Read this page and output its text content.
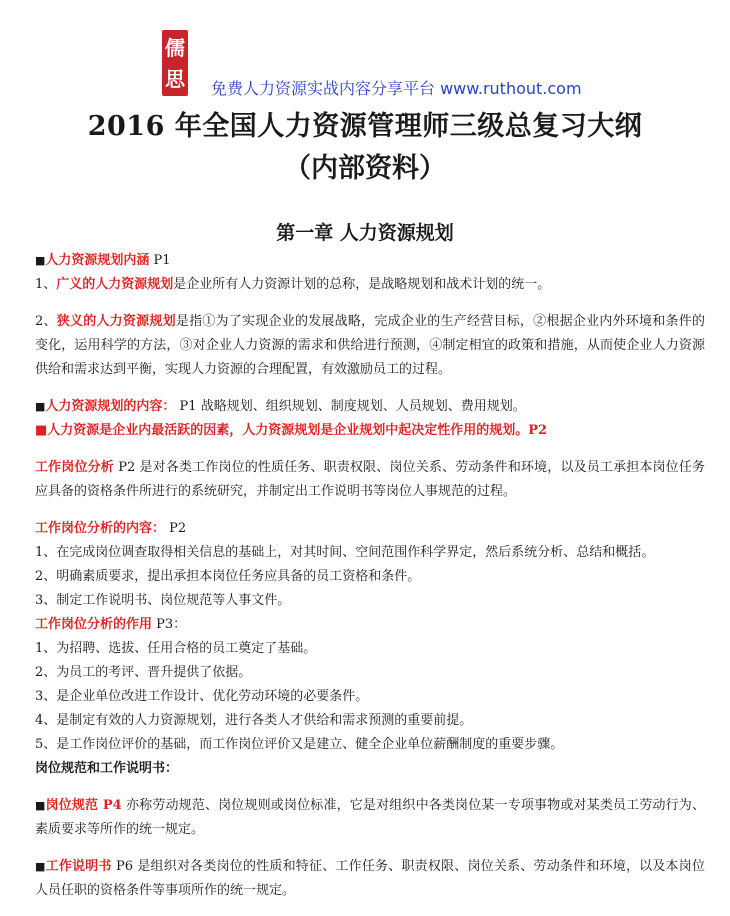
儒
思 免费人力资源实战内容分享平台 www.ruthout.com
2016 年全国人力资源管理师三级总复习大纲
（内部资料）
第一章 人力资源规划

■人力资源规划内涵 P1

1、广义的人力资源规划是企业所有人力资源计划的总称，是战略规划和战术计划的统一。

2、狭义的人力资源规划是指①为了实现企业的发展战略，完成企业的生产经营目标，②根据企业内外环境和条件的变化，运用科学的方法，③对企业人力资源的需求和供给进行预测，④制定相宜的政策和措施，从而使企业人力资源供给和需求达到平衡，实现人力资源的合理配置，有效激励员工的过程。

■人力资源规划的内容： P1 战略规划、组织规划、制度规划、人员规划、费用规划。

■人力资源是企业内最活跃的因素，人力资源规划是企业规划中起决定性作用的规划。P2

工作岗位分析 P2 是对各类工作岗位的性质任务、职责权限、岗位关系、劳动条件和环境，以及员工承担本岗位任务应具备的资格条件所进行的系统研究，并制定出工作说明书等岗位人事规范的过程。

工作岗位分析的内容： P2

1、在完成岗位调查取得相关信息的基础上，对其时间、空间范围作科学界定，然后系统分析、总结和概括。

2、明确素质要求，提出承担本岗位任务应具备的员工资格和条件。

3、制定工作说明书、岗位规范等人事文件。

工作岗位分析的作用 P3：

1、为招聘、选拔、任用合格的员工奠定了基础。

2、为员工的考评、晋升提供了依据。

3、是企业单位改进工作设计、优化劳动环境的必要条件。

4、是制定有效的人力资源规划，进行各类人才供给和需求预测的重要前提。

5、是工作岗位评价的基础，而工作岗位评价又是建立、健全企业单位薪酬制度的重要步骤。

岗位规范和工作说明书：

■岗位规范 P4 亦称劳动规范、岗位规则或岗位标准，它是对组织中各类岗位某一专项事物或对某类员工劳动行为、素质要求等所作的统一规定。

■工作说明书 P6 是组织对各类岗位的性质和特征、工作任务、职责权限、岗位关系、劳动条件和环境，以及本岗位人员任职的资格条件等事项所作的统一规定。
